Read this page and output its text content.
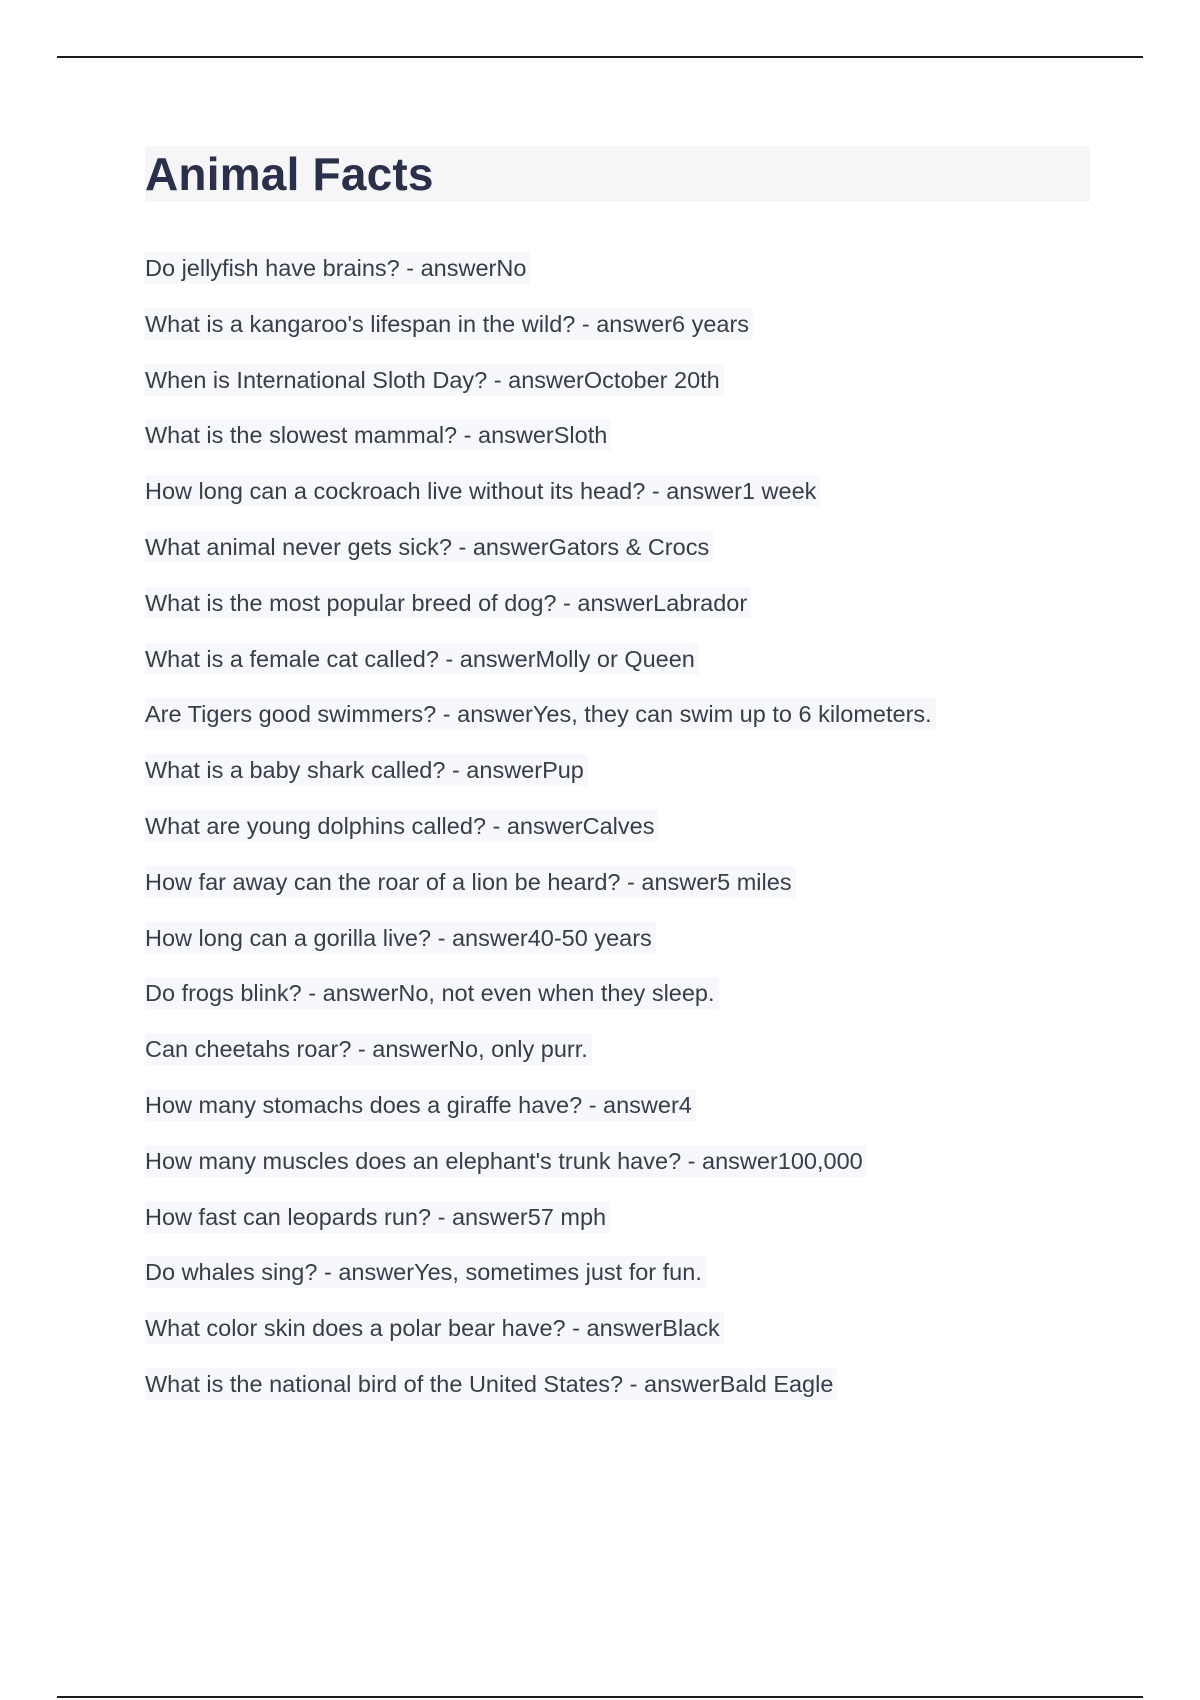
Animal Facts
Do jellyfish have brains? - answerNo
What is a kangaroo's lifespan in the wild? - answer6 years
When is International Sloth Day? - answerOctober 20th
What is the slowest mammal? - answerSloth
How long can a cockroach live without its head? - answer1 week
What animal never gets sick? - answerGators & Crocs
What is the most popular breed of dog? - answerLabrador
What is a female cat called? - answerMolly or Queen
Are Tigers good swimmers? - answerYes, they can swim up to 6 kilometers.
What is a baby shark called? - answerPup
What are young dolphins called? - answerCalves
How far away can the roar of a lion be heard? - answer5 miles
How long can a gorilla live? - answer40-50 years
Do frogs blink? - answerNo, not even when they sleep.
Can cheetahs roar? - answerNo, only purr.
How many stomachs does a giraffe have? - answer4
How many muscles does an elephant's trunk have? - answer100,000
How fast can leopards run? - answer57 mph
Do whales sing? - answerYes, sometimes just for fun.
What color skin does a polar bear have? - answerBlack
What is the national bird of the United States? - answerBald Eagle
